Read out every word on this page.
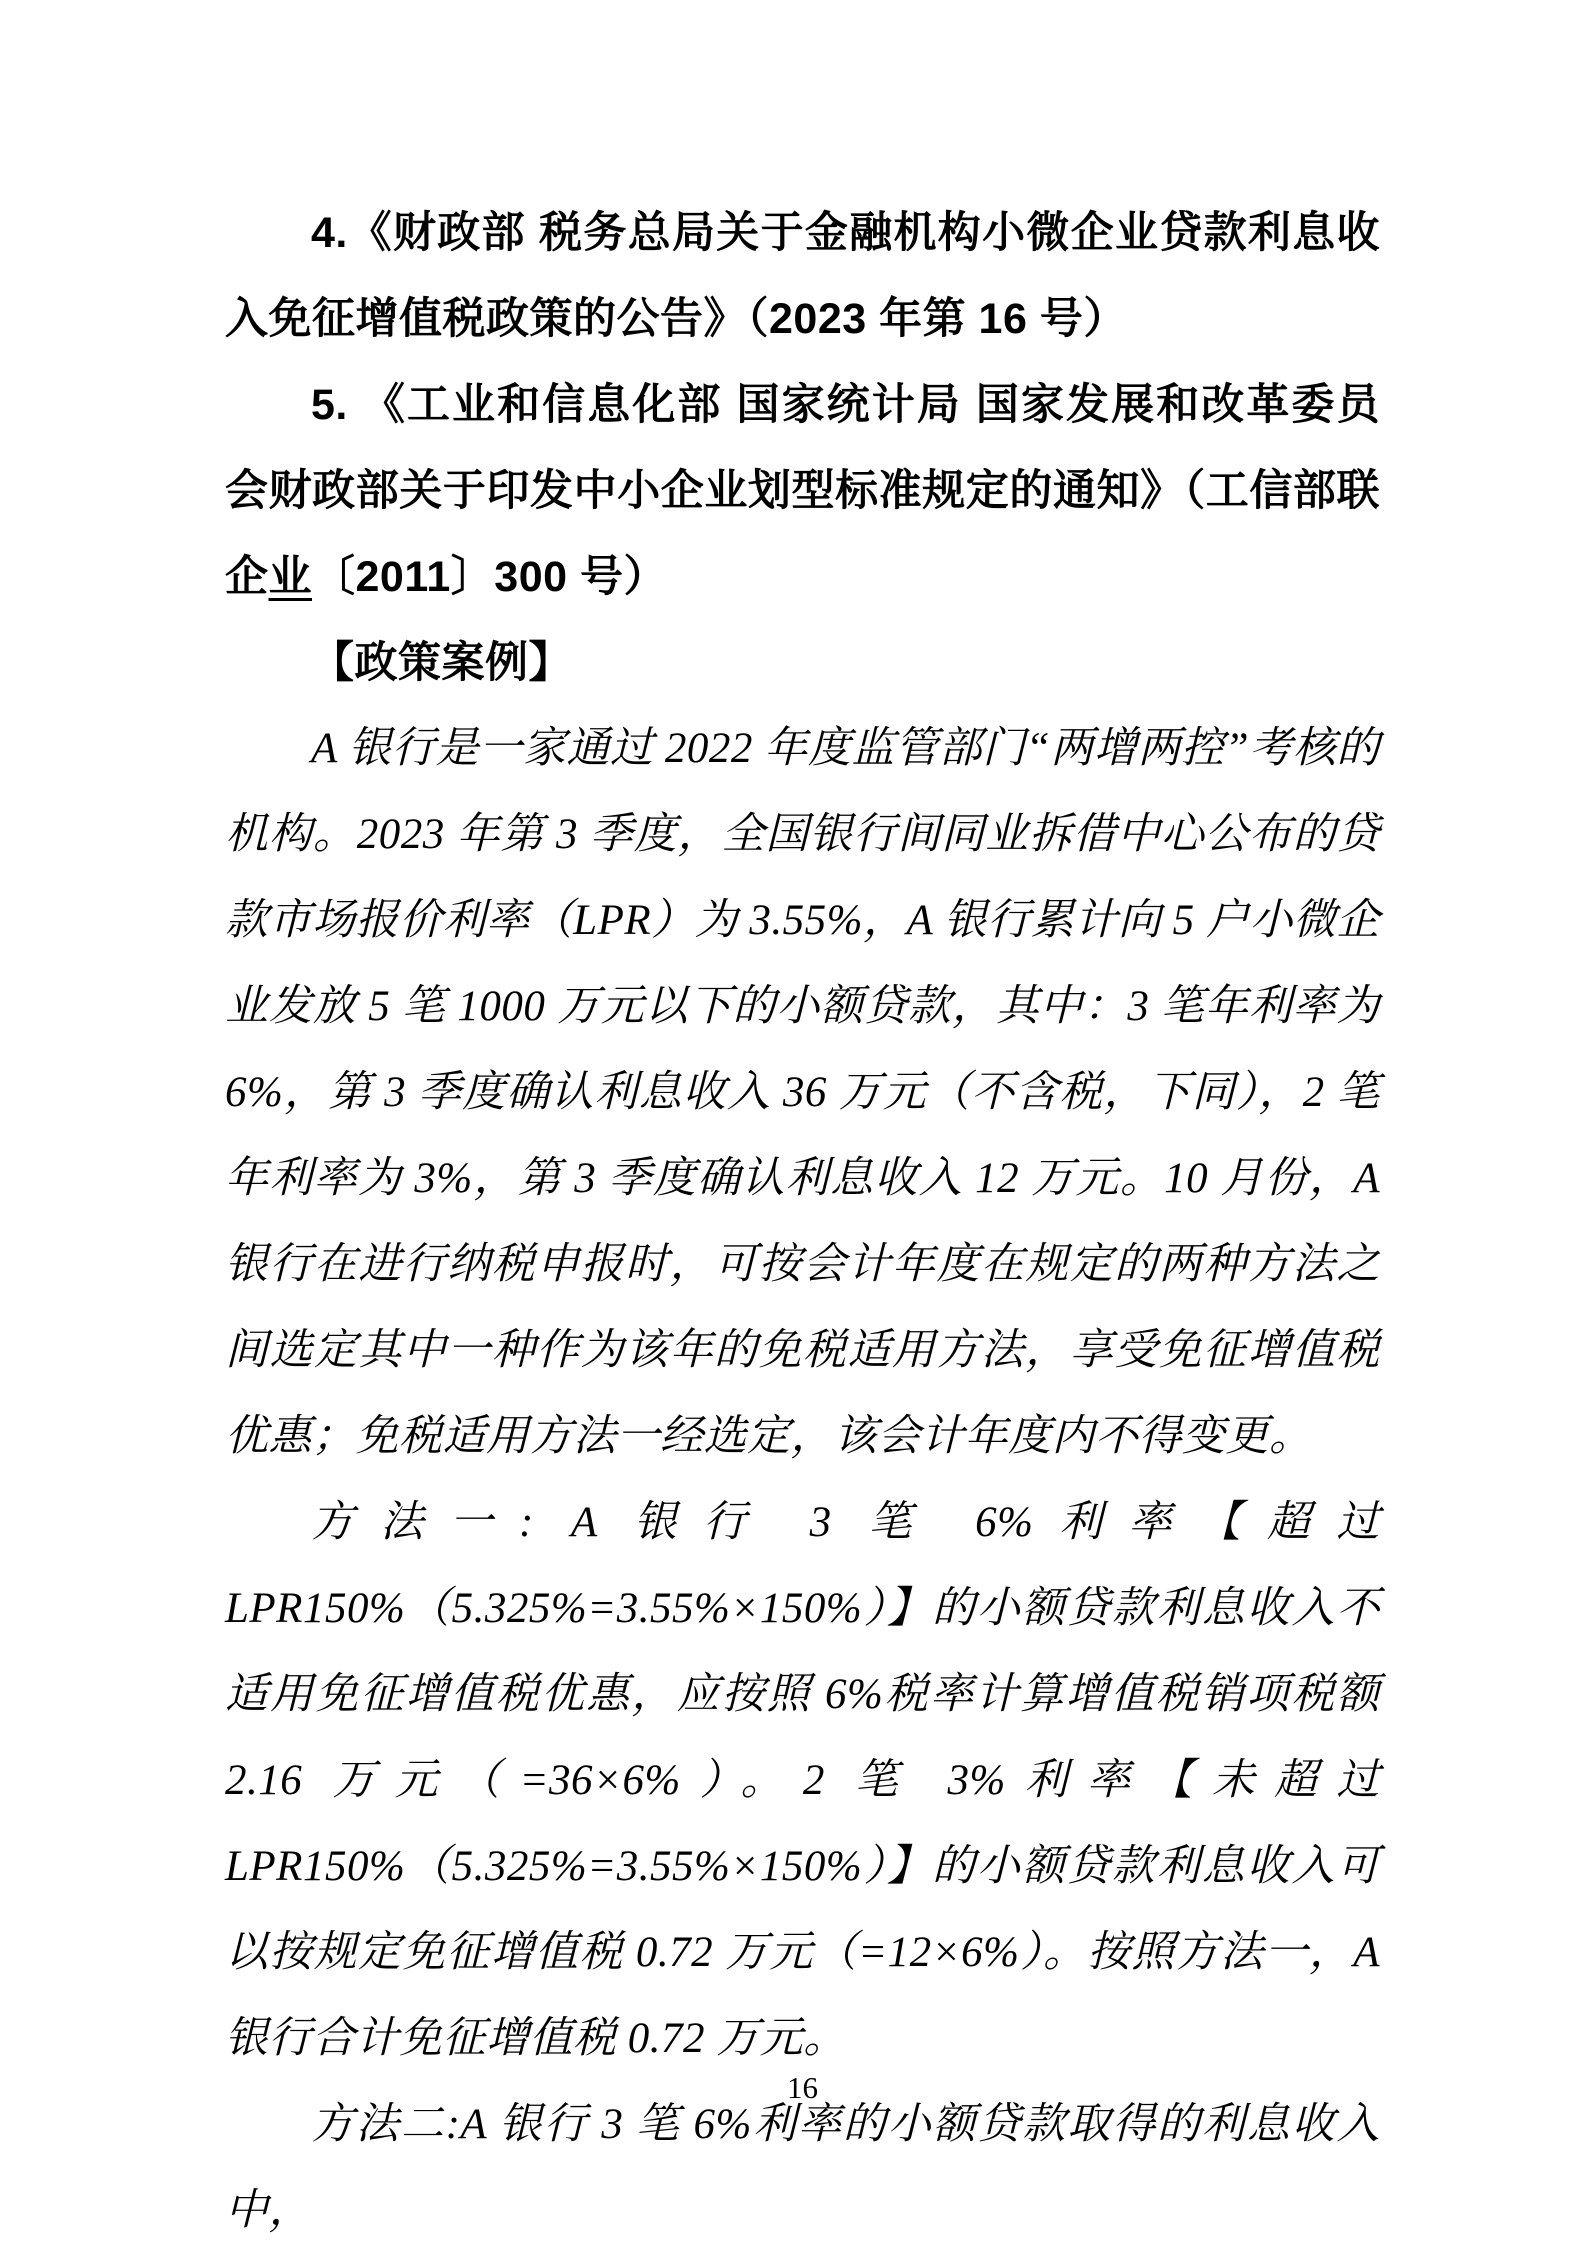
4.《财政部 税务总局关于金融机构小微企业贷款利息收入免征增值税政策的公告》（2023 年第 16 号）

5. 《工业和信息化部 国家统计局 国家发展和改革委员会财政部关于印发中小企业划型标准规定的通知》（工信部联企业〔2011〕300 号）

【政策案例】

A 银行是一家通过 2022 年度监管部门“两增两控”考核的机构。2023 年第 3 季度，全国银行间同业拆借中心公布的贷款市场报价利率（LPR）为 3.55%，A 银行累计向 5 户小微企业发放 5 笔 1000 万元以下的小额贷款，其中：3 笔年利率为 6%，第 3 季度确认利息收入 36 万元（不含税，下同），2 笔年利率为 3%，第 3 季度确认利息收入 12 万元。10 月份，A 银行在进行纳税申报时，可按会计年度在规定的两种方法之间选定其中一种作为该年的免税适用方法，享受免征增值税优惠；免税适用方法一经选定，该会计年度内不得变更。

方法一: A 银行 3 笔 6%利率【超过 LPR150%（5.325%=3.55%×150%）】的小额贷款利息收入不适用免征增值税优惠，应按照 6%税率计算增值税销项税额 2.16 万元（=36×6%）。2 笔 3%利率【未超过 LPR150%（5.325%=3.55%×150%）】的小额贷款利息收入可以按规定免征增值税 0.72 万元（=12×6%）。按照方法一，A 银行合计免征增值税 0.72 万元。

方法二:A 银行 3 笔 6%利率的小额贷款取得的利息收入中，

16
